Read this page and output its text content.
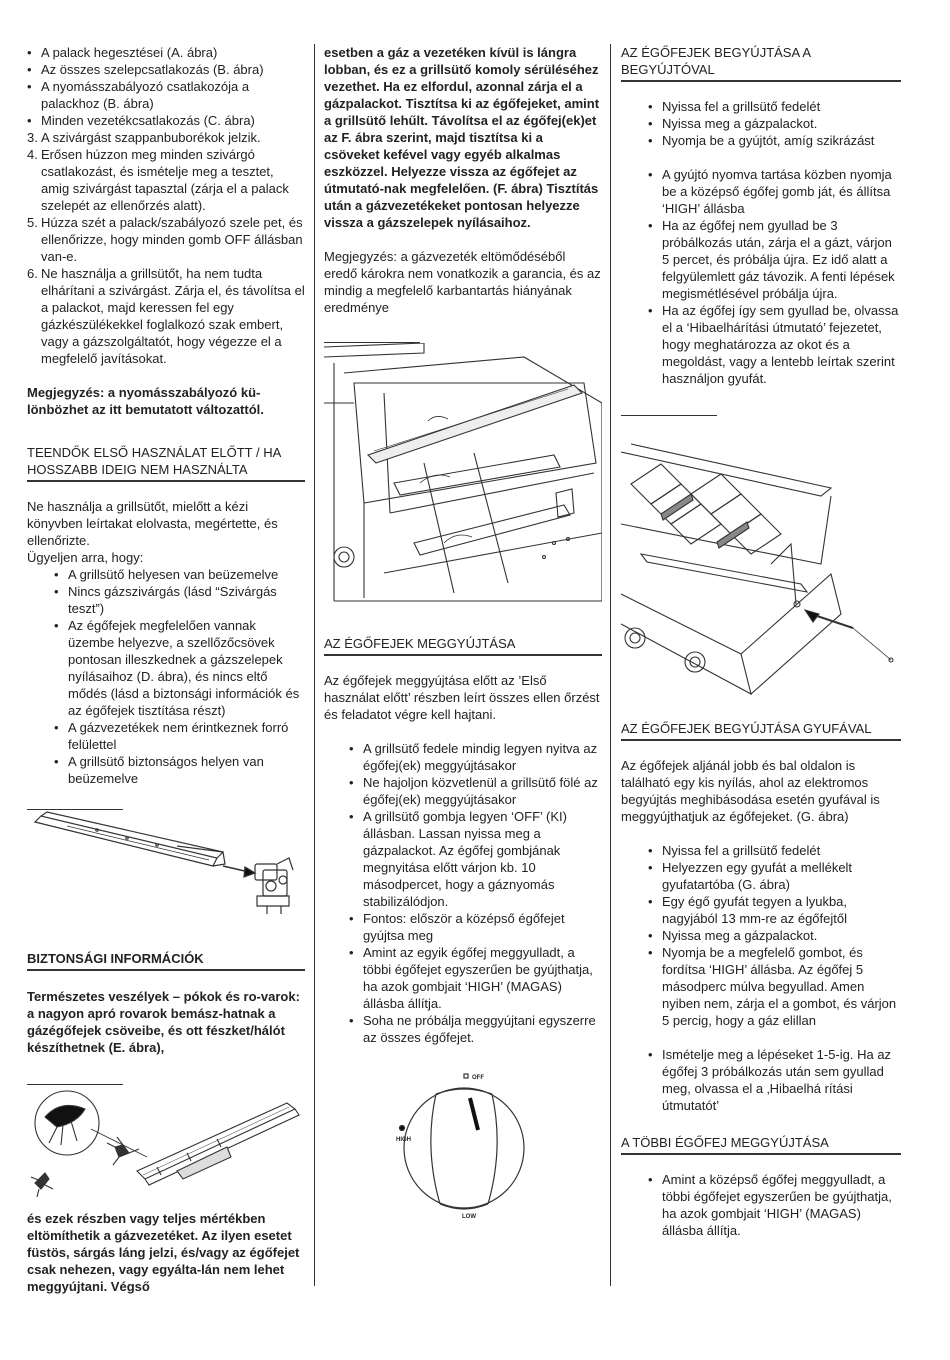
• A palack hegesztései (A. ábra)
• Az összes szelepcsatlakozás (B. ábra)
• A nyomásszabályozó csatlakozója a palackhoz (B. ábra)
• Minden vezetékcsatlakozás (C. ábra)
3. A szivárgást szappanbuborékok jelzik.
4. Erősen húzzon meg minden szivárgó csatlakozást, és ismételje meg a tesztet, amig szivárgást tapasztal (zárja el a palack szelepét az ellenőrzés alatt).
5. Húzza szét a palack/szabályozó szele pet, és ellenőrizze, hogy minden gomb OFF állásban van-e.
6. Ne használja a grillsütőt, ha nem tudta elhárítani a szivárgást. Zárja el, és távolítsa el a palackot, majd keressen fel egy gázkészülékekkel foglalkozó szak embert, vagy a gázszolgáltatót, hogy végezze el a megfelelő javításokat.

Megjegyzés: a nyomásszabályozó kü-lönbözhet az itt bemutatott változattól.

TEENDŐK ELSŐ HASZNÁLAT ELŐTT / HA HOSSZABB IDEIG NEM HASZNÁLTA

Ne használja a grillsütőt, mielőtt a kézi könyvben leírtakat elolvasta, megértette, és ellenőrizte.

Ügyeljen arra, hogy:

• A grillsütő helyesen van beüzemelve
• Nincs gázszivárgás (lásd “Szivárgás teszt”)
• Az égőfejek megfelelően vannak üzembe helyezve, a szellőzőcsövek pontosan illeszkednek a gázszelepek nyílásaihoz (D. ábra), és nincs eltő mődés (lásd a biztonsági információk és az égőfejek tisztítása részt)
• A gázvezetékek nem érintkeznek forró felülettel
• A grillsütő biztonságos helyen van beüzemelve

BIZTONSÁGI INFORMÁCIÓK

Természetes veszélyek – pókok és ro-varok: a nagyon apró rovarok bemász-hatnak a gázégőfejek csöveibe, és ott fészket/hálót készíthetnek (E. ábra),

és ezek részben vagy teljes mértékben eltömíthetik a gázvezetéket. Az ilyen esetet füstös, sárgás láng jelzi, és/vagy az égőfejet csak nehezen, vagy egyálta-lán nem lehet meggyújtani. Végső

esetben a gáz a vezetéken kívül is lángra lobban, és ez a grillsütő komoly sérüléséhez vezethet. Ha ez elfordul, azonnal zárja el a gázpalackot. Tisztítsa ki az égőfejeket, amint a grillsütő lehűlt. Távolítsa el az égőfej(ek)et az F. ábra szerint, majd tisztítsa ki a csöveket kefével vagy egyéb alkalmas eszközzel. Helyezze vissza az égőfejet az útmutató-nak megfelelően. (F. ábra) Tisztítás után a gázvezetékeket pontosan helyezze vissza a gázszelepek nyílásaihoz.

Megjegyzés: a gázvezeték eltömődéséből eredő károkra nem vonatkozik a garancia, és az mindig a megfelelő karbantartás hiányának eredménye

AZ ÉGŐFEJEK MEGGYÚJTÁSA

Az égőfejek meggyújtása előtt az ’Első használat előtt’ részben leírt összes ellen őrzést és feladatot végre kell hajtani.

• A grillsütő fedele mindig legyen nyitva az égőfej(ek) meggyújtásakor
• Ne hajoljon közvetlenül a grillsütő fölé az égőfej(ek) meggyújtásakor
• A grillsütő gombja legyen ‘OFF’ (KI) állásban. Lassan nyissa meg a gázpalackot. Az égőfej gombjának megnyitása előtt várjon kb. 10 másodpercet, hogy a gáznyomás stabilizálódjon.
• Fontos: először a középső égőfejet gyújtsa meg
• Amint az egyik égőfej meggyulladt, a többi égőfejet egyszerűen be gyújthatja, ha azok gombjait ‘HIGH’ (MAGAS) állásba állítja.
• Soha ne próbálja meggyújtani egyszerre az összes égőfejet.
OFF
HIGH
LOW

AZ ÉGŐFEJEK BEGYÚJTÁSA A BEGYÚJTÓVAL

• Nyissa fel a grillsütő fedelét
• Nyissa meg a gázpalackot.
• Nyomja be a gyújtót, amíg szikrázást
• A gyújtó nyomva tartása közben nyomja be a középső égőfej gomb ját, és állítsa ‘HIGH’ állásba
• Ha az égőfej nem gyullad be 3 próbálkozás után, zárja el a gázt, várjon 5 percet, és próbálja újra. Ez idő alatt a felgyülemlett gáz távozik. A fenti lépések megismétlésével próbálja újra.
• Ha az égőfej így sem gyullad be, olvassa el a ‘Hibaelhárítási útmutató’ fejezetet, hogy meghatározza az okot és a megoldást, vagy a lentebb leírtak szerint használjon gyufát.

AZ ÉGŐFEJEK BEGYÚJTÁSA GYUFÁVAL

Az égőfejek aljánál jobb és bal oldalon is található egy kis nyílás, ahol az elektromos begyújtás meghibásodása esetén gyufával is meggyújthatjuk az égőfejeket. (G. ábra)

• Nyissa fel a grillsütő fedelét
• Helyezzen egy gyufát a mellékelt gyufatartóba (G. ábra)
• Egy égő gyufát tegyen a lyukba, nagyjából 13 mm-re az égőfejtől
• Nyissa meg a gázpalackot.
• Nyomja be a megfelelő gombot, és fordítsa ‘HIGH’ állásba. Az égőfej 5 másodperc múlva begyullad. Amen nyiben nem, zárja el a gombot, és várjon 5 percig, hogy a gáz elillan
• Ismételje meg a lépéseket 1-5-ig. Ha az égőfej 3 próbálkozás után sem gyullad meg, olvassa el a ‚Hibaelhá rítási útmutatót’

A TÖBBI ÉGŐFEJ MEGGYÚJTÁSA

• Amint a középső égőfej meggyulladt, a többi égőfejet egyszerűen be gyújthatja, ha azok gombjait ‘HIGH’ (MAGAS) állásba állítja.
